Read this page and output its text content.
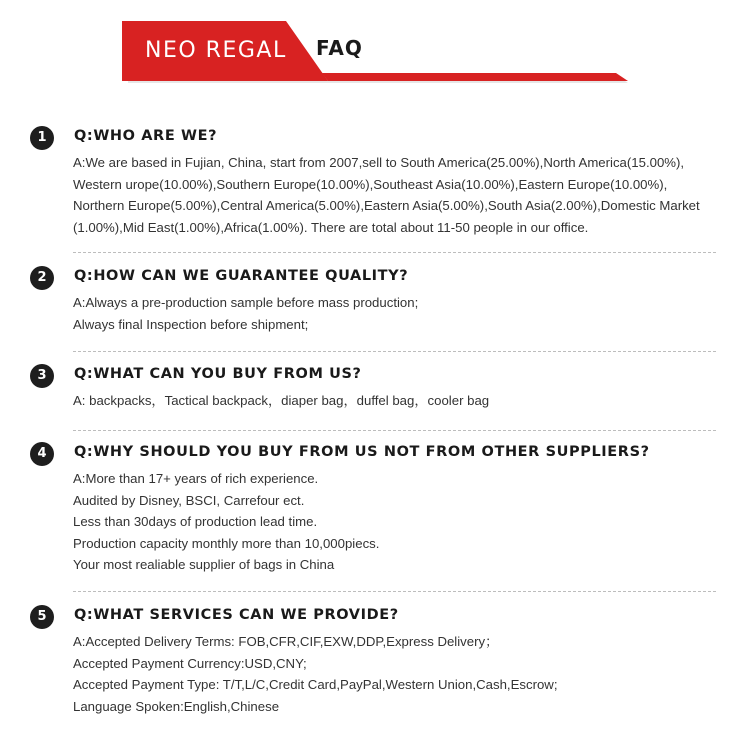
NEO REGAL FAQ
1	Q:WHO ARE WE?
A:We are based in Fujian, China, start from 2007,sell to South America(25.00%),North America(15.00%), Western urope(10.00%),Southern Europe(10.00%),Southeast Asia(10.00%),Eastern Europe(10.00%), Northern Europe(5.00%),Central America(5.00%),Eastern Asia(5.00%),South Asia(2.00%),Domestic Market (1.00%),Mid East(1.00%),Africa(1.00%). There are total about 11-50 people in our office.
2	Q:HOW CAN WE GUARANTEE QUALITY?
A:Always a pre-production sample before mass production;
Always final Inspection before shipment;
3	Q:WHAT CAN YOU BUY FROM US?
A: backpacks，Tactical backpack，diaper bag，duffel bag，cooler bag
4	Q:WHY SHOULD YOU BUY FROM US NOT FROM OTHER SUPPLIERS?
A:More than 17+ years of rich experience.
Audited by Disney, BSCI, Carrefour ect.
Less than 30days of production lead time.
Production capacity monthly more than 10,000piecs.
Your most realiable supplier of bags in China
5	Q:WHAT SERVICES CAN WE PROVIDE?
A:Accepted Delivery Terms: FOB,CFR,CIF,EXW,DDP,Express Delivery；
Accepted Payment Currency:USD,CNY;
Accepted Payment Type: T/T,L/C,Credit Card,PayPal,Western Union,Cash,Escrow;
Language Spoken:English,Chinese
